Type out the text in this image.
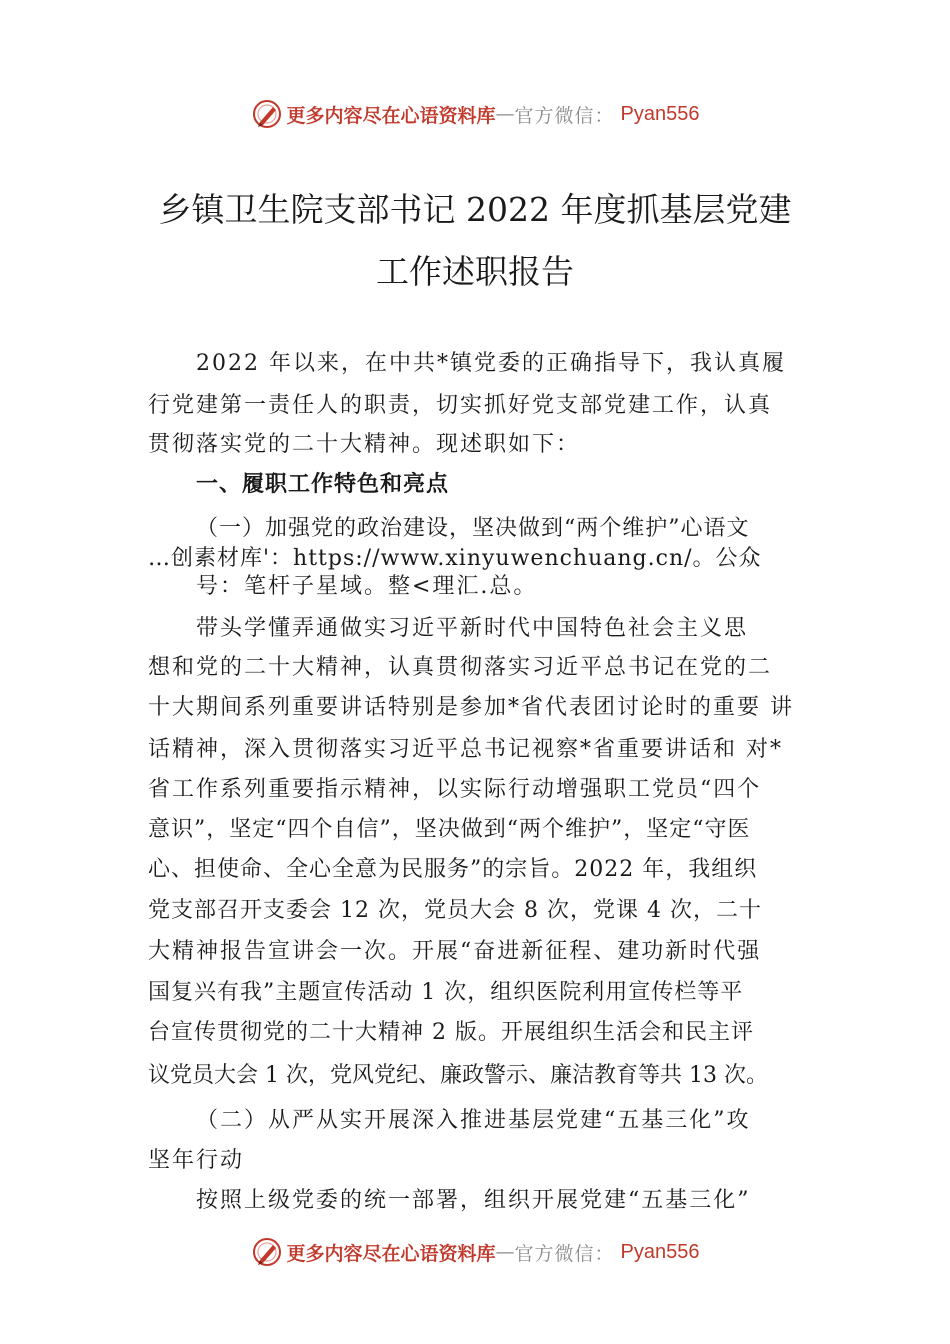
更多内容尽在心语资料库 — 官方微信： Pyan556
乡镇卫生院支部书记 2022 年度抓基层党建
工作述职报告
2022 年以来，在中共*镇党委的正确指导下，我认真履
行党建第一责任人的职责，切实抓好党支部党建工作，认真
贯彻落实党的二十大精神。现述职如下：
一、履职工作特色和亮点
（一）加强党的政治建设，坚决做到“两个维护”心语文
…创素材库'：https://www.xinyuwenchuang.cn/。公众
号：笔杆子星域。整<理汇.总。
带头学懂弄通做实习近平新时代中国特色社会主义思
想和党的二十大精神，认真贯彻落实习近平总书记在党的二
十大期间系列重要讲话特别是参加*省代表团讨论时的重要 讲
话精神，深入贯彻落实习近平总书记视察*省重要讲话和 对*
省工作系列重要指示精神，以实际行动增强职工党员“四个
意识”，坚定“四个自信”，坚决做到“两个维护”，坚定“守医
心、担使命、全心全意为民服务”的宗旨。2022 年，我组织
党支部召开支委会 12 次，党员大会 8 次，党课 4 次，二十
大精神报告宣讲会一次。开展“奋进新征程、建功新时代强
国复兴有我”主题宣传活动 1 次，组织医院利用宣传栏等平
台宣传贯彻党的二十大精神 2 版。开展组织生活会和民主评
议党员大会 1 次，党风党纪、廉政警示、廉洁教育等共 13 次。
（二）从严从实开展深入推进基层党建“五基三化”攻
坚年行动
按照上级党委的统一部署，组织开展党建“五基三化”
更多内容尽在心语资料库 — 官方微信： Pyan556
